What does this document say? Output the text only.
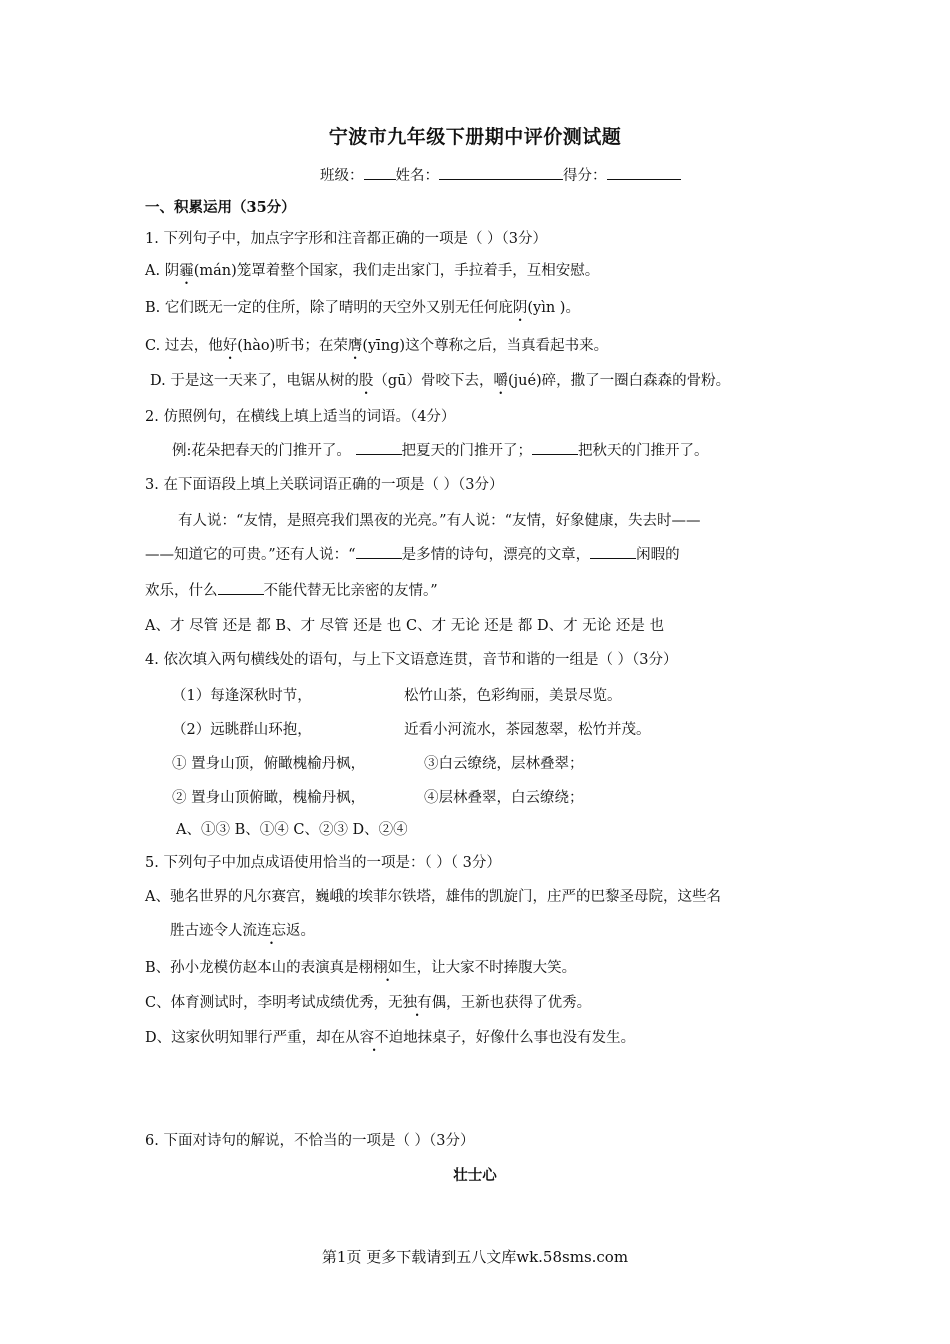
宁波市九年级下册期中评价测试题
班级： 姓名：	得分：
一、积累运用（35分）
1. 下列句子中，加点字字形和注音都正确的一项是（ ）（3分）
A. 阴霾(mán)笼罩着整个国家，我们走出家门，手拉着手，互相安慰。
B. 它们既无一定的住所，除了晴明的天空外又别无任何庇阴(yìn )。
C. 过去，他好(hào)听书；在荣膺(yīng)这个尊称之后，当真看起书来。
D. 于是这一天来了，电锯从树的股（gū）骨咬下去，嚼(jué)碎，撒了一圈白森森的骨粉。
2. 仿照例句，在横线上填上适当的词语。（4分）
例:花朵把春天的门推开了。	把夏天的门推开了；	把秋天的门推开了。
3. 在下面语段上填上关联词语正确的一项是（ ）（3分）
有人说：“友情，是照亮我们黑夜的光亮。”有人说：“友情，好象健康，失去时——
——知道它的可贵。”还有人说：“	是多情的诗句，漂亮的文章，	闲暇的
欢乐，什么	不能代替无比亲密的友情。”
A、才 尽管 还是 都 B、才 尽管 还是 也 C、才 无论 还是 都 D、才 无论 还是 也
4. 依次填入两句横线处的语句，与上下文语意连贯，音节和谐的一组是（ ）（3分）
（1）每逢深秋时节，	松竹山茶，色彩绚丽，美景尽览。
（2）远眺群山环抱，	近看小河流水，茶园葱翠，松竹并茂。
① 置身山顶，俯瞰槐榆丹枫，	③白云缭绕，层林叠翠；
② 置身山顶俯瞰，槐榆丹枫，	④层林叠翠，白云缭绕；
A、①③ B、①④ C、②③ D、②④
5. 下列句子中加点成语使用恰当的一项是：（ ）（ 3分）
A、驰名世界的凡尔赛宫，巍峨的埃菲尔铁塔，雄伟的凯旋门，庄严的巴黎圣母院，这些名
胜古迹令人流连忘返。
B、孙小龙模仿赵本山的表演真是栩栩如生，让大家不时捧腹大笑。
C、体育测试时，李明考试成绩优秀，无独有偶，王新也获得了优秀。
D、这家伙明知罪行严重，却在从容不迫地抹桌子，好像什么事也没有发生。
6. 下面对诗句的解说，不恰当的一项是（ ）（3分）
壮士心
第1页 更多下载请到五八文库wk.58sms.com
